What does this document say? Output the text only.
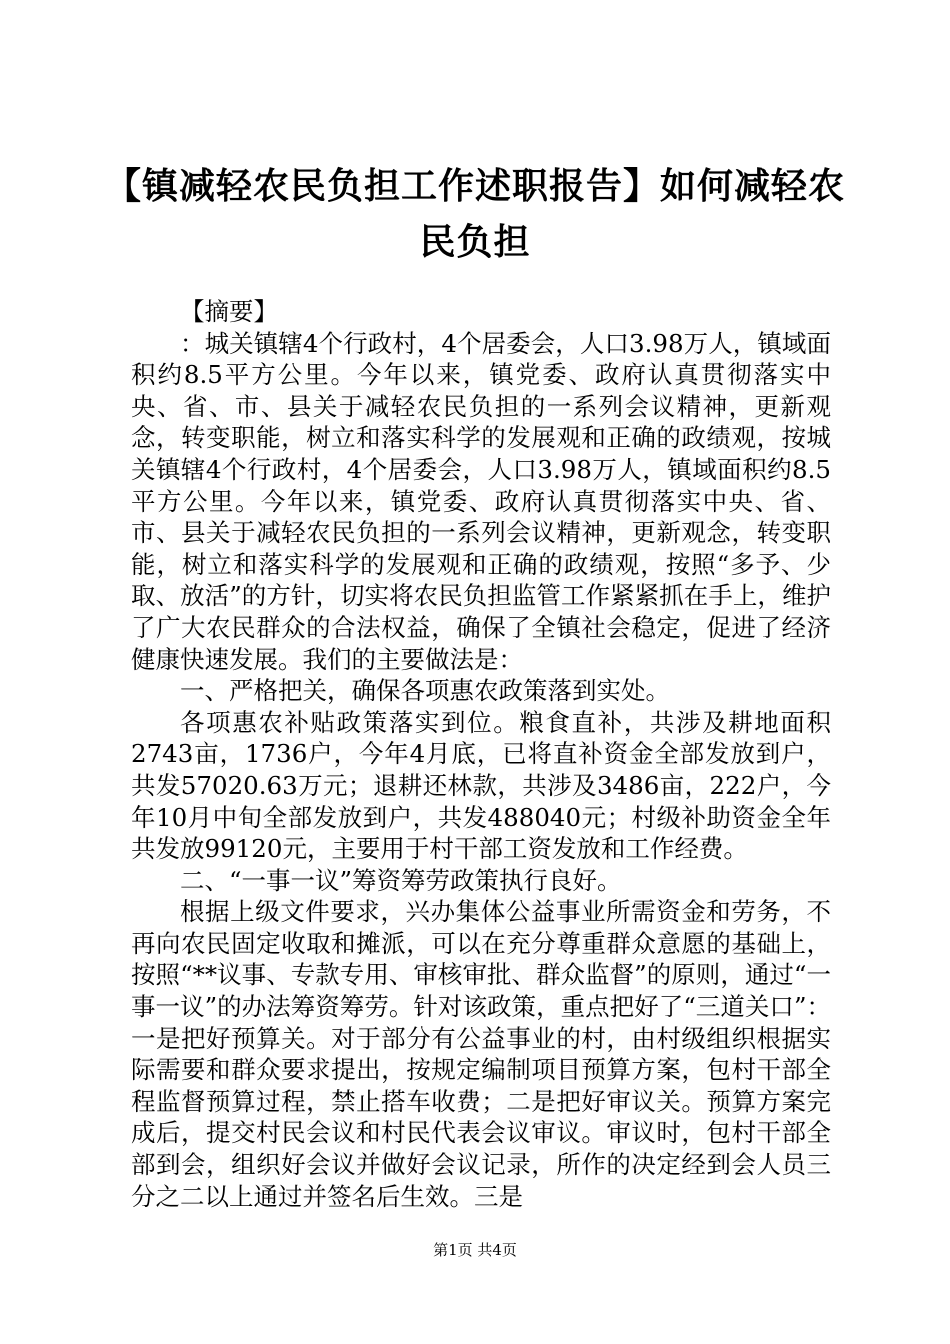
【镇减轻农民负担工作述职报告】如何减轻农民负担

【摘要】

：城关镇辖4个行政村，4个居委会，人口3.98万人，镇域面积约8.5平方公里。今年以来，镇党委、政府认真贯彻落实中央、省、市、县关于减轻农民负担的一系列会议精神，更新观念，转变职能，树立和落实科学的发展观和正确的政绩观，按城关镇辖4个行政村，4个居委会，人口3.98万人，镇域面积约8.5平方公里。今年以来，镇党委、政府认真贯彻落实中央、省、市、县关于减轻农民负担的一系列会议精神，更新观念，转变职能，树立和落实科学的发展观和正确的政绩观，按照“多予、少取、放活”的方针，切实将农民负担监管工作紧紧抓在手上，维护了广大农民群众的合法权益，确保了全镇社会稳定，促进了经济健康快速发展。我们的主要做法是：

一、严格把关，确保各项惠农政策落到实处。

各项惠农补贴政策落实到位。粮食直补，共涉及耕地面积2743亩，1736户，今年4月底，已将直补资金全部发放到户，共发57020.63万元；退耕还林款，共涉及3486亩，222户，今年10月中旬全部发放到户，共发488040元；村级补助资金全年共发放99120元，主要用于村干部工资发放和工作经费。

二、“一事一议”筹资筹劳政策执行良好。

根据上级文件要求，兴办集体公益事业所需资金和劳务，不再向农民固定收取和摊派，可以在充分尊重群众意愿的基础上，按照“**议事、专款专用、审核审批、群众监督”的原则，通过“一事一议”的办法筹资筹劳。针对该政策，重点把好了“三道关口”：一是把好预算关。对于部分有公益事业的村，由村级组织根据实际需要和群众要求提出，按规定编制项目预算方案，包村干部全程监督预算过程，禁止搭车收费；二是把好审议关。预算方案完成后，提交村民会议和村民代表会议审议。审议时，包村干部全部到会，组织好会议并做好会议记录，所作的决定经到会人员三分之二以上通过并签名后生效。三是

第1页 共4页
